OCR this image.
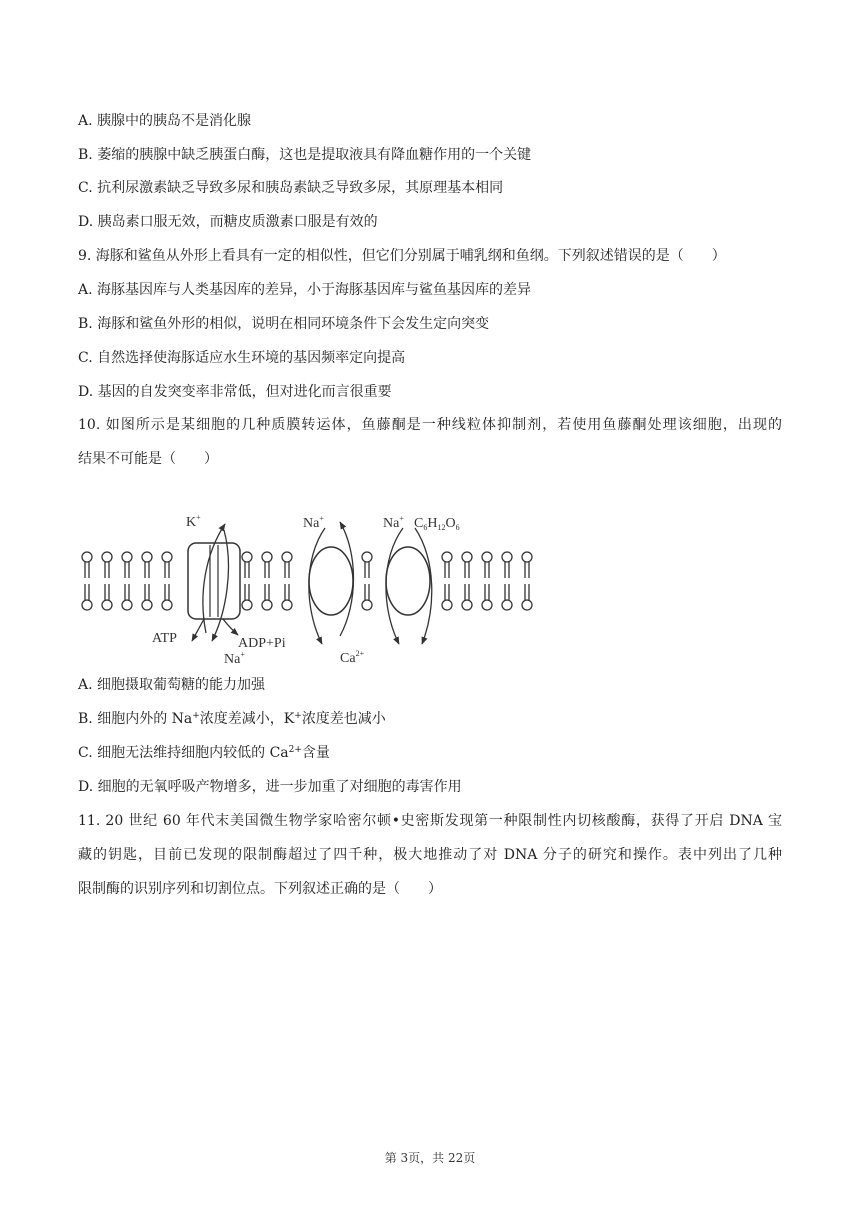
A. 胰腺中的胰岛不是消化腺
B. 萎缩的胰腺中缺乏胰蛋白酶，这也是提取液具有降血糖作用的一个关键
C. 抗利尿激素缺乏导致多尿和胰岛素缺乏导致多尿，其原理基本相同
D. 胰岛素口服无效，而糖皮质激素口服是有效的
9. 海豚和鲨鱼从外形上看具有一定的相似性，但它们分别属于哺乳纲和鱼纲。下列叙述错误的是（　　）
A. 海豚基因库与人类基因库的差异，小于海豚基因库与鲨鱼基因库的差异
B. 海豚和鲨鱼外形的相似，说明在相同环境条件下会发生定向突变
C. 自然选择使海豚适应水生环境的基因频率定向提高
D. 基因的自发突变率非常低，但对进化而言很重要
10. 如图所示是某细胞的几种质膜转运体，鱼藤酮是一种线粒体抑制剂，若使用鱼藤酮处理该细胞，出现的
结果不可能是（　　）
K+
ATP	ADP+Pi
Na+
Na+
$Ca^{2+}$
Na+ $C_6H_{12}O_6$
A. 细胞摄取葡萄糖的能力加强
B. 细胞内外的 Na+浓度差减小，K+浓度差也减小
C. 细胞无法维持细胞内较低的 $Ca^{2+}$含量
D. 细胞的无氧呼吸产物增多，进一步加重了对细胞的毒害作用
11. 20 世纪 60 年代末美国微生物学家哈密尔顿•史密斯发现第一种限制性内切核酸酶，获得了开启 DNA 宝
藏的钥匙，目前已发现的限制酶超过了四千种，极大地推动了对 DNA 分子的研究和操作。表中列出了几种
限制酶的识别序列和切割位点。下列叙述正确的是（　　）
第 3页，共 22页
